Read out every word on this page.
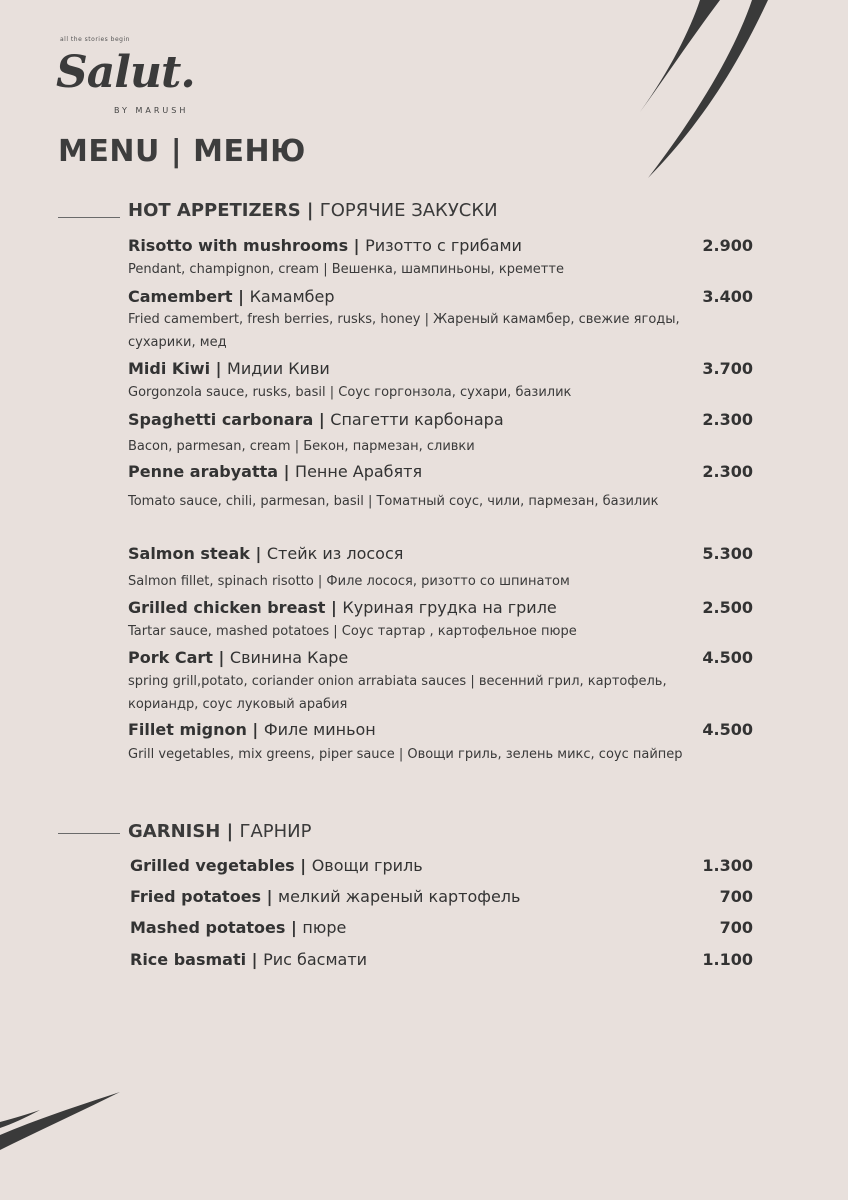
all the stories begin
Salut.
BY MARUSH
MENU | МЕНЮ
HOT APPETIZERS | ГОРЯЧИЕ ЗАКУСКИ
Risotto with mushrooms | Ризотто с грибами	2.900
Pendant, champignon, cream | Вешенка, шампиньоны, креметте
Camembert | Камамбер	3.400
Fried camembert, fresh berries, rusks, honey | Жареный камамбер, свежие ягоды, сухарики, мед
Midi Kiwi | Мидии Киви	3.700
Gorgonzola sauce, rusks, basil | Соус горгонзола, сухари, базилик
Spaghetti carbonara | Спагетти карбонара	2.300
Bacon, parmesan, cream | Бекон, пармезан, сливки
Penne arabyatta | Пенне Арабятя	2.300
Tomato sauce, chili, parmesan, basil | Томатный соус, чили, пармезан, базилик
Salmon steak | Стейк из лосося	5.300
Salmon fillet, spinach risotto | Филе лосося, ризотто со шпинатом
Grilled chicken breast | Куриная грудка на гриле	2.500
Tartar sauce, mashed potatoes | Соус тартар , картофельное пюре
Pork Cart | Свинина Каре	4.500
spring grill,potato, coriander onion arrabiata sauces | весенний грил, картофель, кориандр, соус луковый арабия
Fillet mignon | Филе миньон	4.500
Grill vegetables, mix greens, piper sauce | Овощи гриль, зелень микс, соус пайпер
GARNISH | ГАРНИР
Grilled vegetables | Овощи гриль	1.300
Fried potatoes | мелкий жареный картофель	700
Mashed potatoes | пюре	700
Rice basmati | Рис басмати	1.100
